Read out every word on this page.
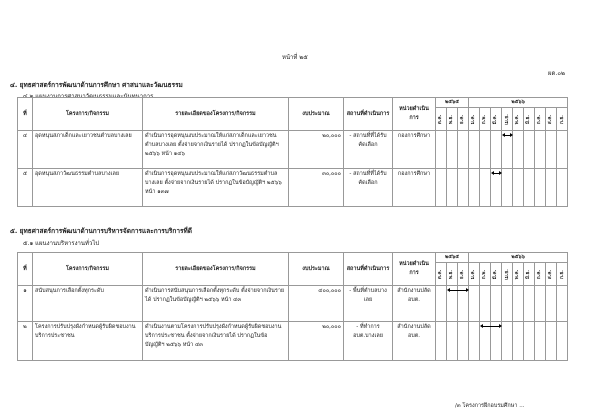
หน้าที่ ๒๕
ผด.๐๒
๔. ยุทธศาสตร์การพัฒนาด้านการศึกษา ศาสนาและวัฒนธรรม
๔.๒ แผนงานการศาสนาวัฒนธรรมและนันทนาการ
ที่	โครงการ/กิจกรรม	รายละเอียดของโครงการ/กิจกรรม	งบประมาณ	สถานที่ดำเนินการ	หน่วยดำเนินการ	๒๕๖๕			๒๕๖๖								
						ต.ค.	พ.ย.	ธ.ค.	ม.ค.	ก.พ.	มี.ค.	เม.ย.	พ.ค.	มิ.ย.	ก.ค.	ส.ค.	ก.ย.
๔	อุดหนุนสภาเด็กและเยาวชนตำบลบางเลย	ดำเนินการอุดหนุนงบประมาณให้แก่สภาเด็กและเยาวชนตำบลบางเลย ตั้งจ่ายจากเงินรายได้ ปรากฏในข้อบัญญัติฯ ๒๕๖๖ หน้า ๑๔๖	๒๐,๐๐๐	- สถานที่ที่ได้รับคัดเลือก	กองการศึกษา							

๕	อุดหนุนสภาวัฒนธรรมตำบลบางเลย	ดำเนินการอุดหนุนงบประมาณให้แก่สภาวัฒนธรรมตำบลบางเลย ตั้งจ่ายจากเงินรายได้ ปรากฏในข้อบัญญัติฯ ๒๕๖๖ หน้า ๑๓๗	๓๐,๐๐๐	- สถานที่ที่ได้รับคัดเลือก	กองการศึกษา						

๕. ยุทธศาสตร์การพัฒนาด้านการบริหารจัดการและการบริการที่ดี
๕.๑ แผนงานบริหารงานทั่วไป
ที่	โครงการ/กิจกรรม	รายละเอียดของโครงการ/กิจกรรม	งบประมาณ	สถานที่ดำเนินการ	หน่วยดำเนินการ	๒๕๖๕			๒๕๖๖								
						ต.ค.	พ.ย.	ธ.ค.	ม.ค.	ก.พ.	มี.ค.	เม.ย.	พ.ค.	มิ.ย.	ก.ค.	ส.ค.	ก.ย.
๑	สนับสนุนการเลือกตั้งทุกระดับ	ดำเนินการสนับสนุนการเลือกตั้งทุกระดับ ตั้งจ่ายจากเงินรายได้ ปรากฏในข้อบัญญัติฯ ๒๕๖๖ หน้า ๔๓	๔๐๐,๐๐๐	- พื้นที่ตำบลบางเลย	สำนักงานปลัด อบต.		

๒	โครงการปรับปรุงผังกำหนดผู้รับผิดชอบงานบริการประชาชน	ดำเนินงานตามโครงการปรับปรุงผังกำหนดผู้รับผิดชอบงานบริการประชาชน ตั้งจ่ายจากเงินรายได้ ปรากฏในข้อบัญญัติฯ ๒๕๖๖ หน้า ๔๓	๒๐,๐๐๐	- ที่ทำการ อบต.บางเลย	สำนักงานปลัด อบต.					

/๓ โครงการฝึกอบรมศึกษา ...
